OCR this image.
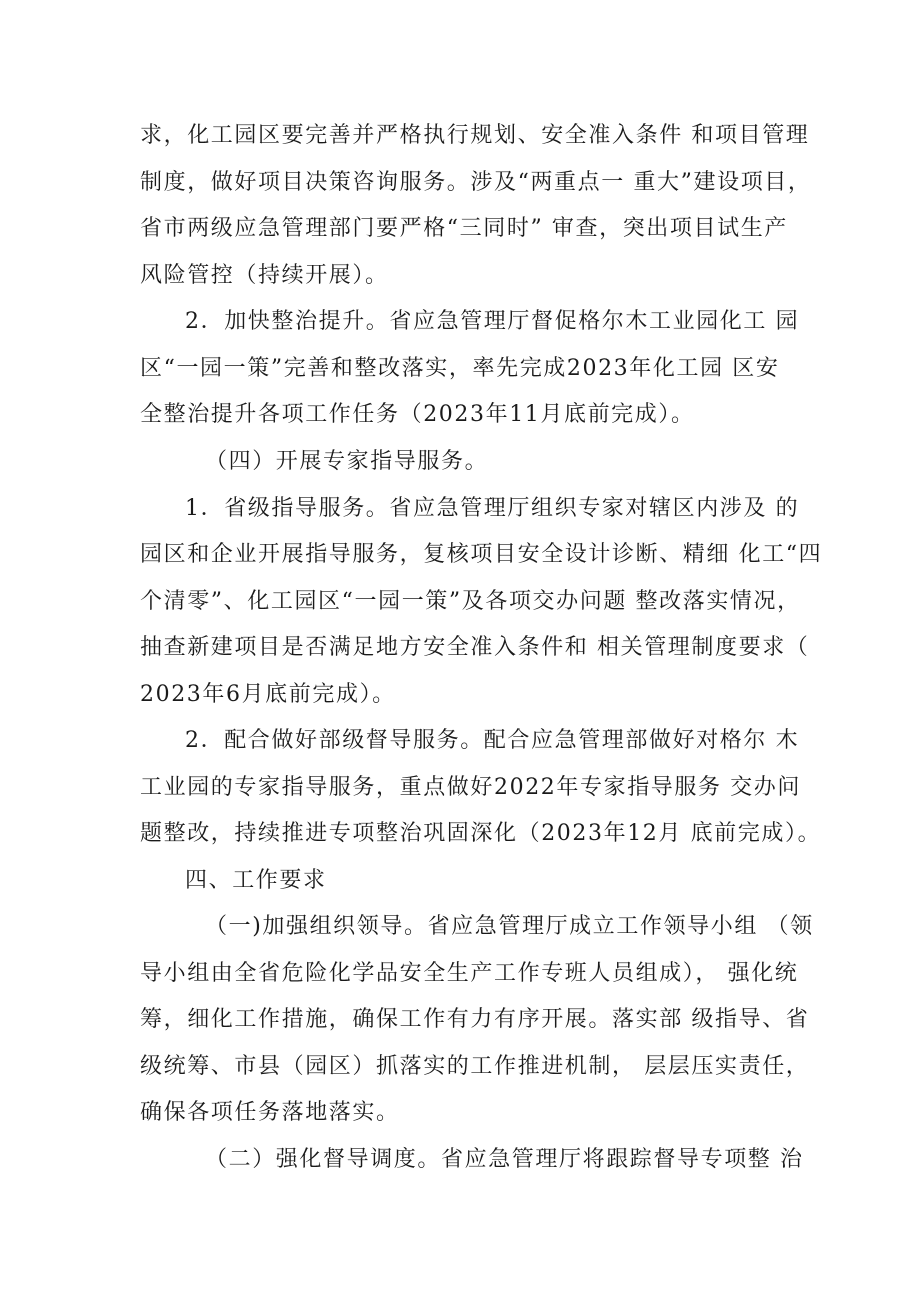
求，化工园区要完善并严格执行规划、安全准入条件 和项目管理
制度，做好项目决策咨询服务。涉及“两重点一 重大”建设项目，
省市两级应急管理部门要严格“三同时” 审查，突出项目试生产
风险管控（持续开展）。
2．加快整治提升。省应急管理厅督促格尔木工业园化工 园
区“一园一策”完善和整改落实，率先完成2023年化工园 区安
全整治提升各项工作任务（2023年11月底前完成）。
（四）开展专家指导服务。
1．省级指导服务。省应急管理厅组织专家对辖区内涉及 的
园区和企业开展指导服务，复核项目安全设计诊断、精细 化工“四
个清零”、化工园区“一园一策”及各项交办问题 整改落实情况，
抽查新建项目是否满足地方安全准入条件和 相关管理制度要求（
2023年6月底前完成）。
2．配合做好部级督导服务。配合应急管理部做好对格尔 木
工业园的专家指导服务，重点做好2022年专家指导服务 交办问
题整改，持续推进专项整治巩固深化（2023年12月 底前完成）。
四、工作要求
（一)加强组织领导。省应急管理厅成立工作领导小组 （领
导小组由全省危险化学品安全生产工作专班人员组成）， 强化统
筹，细化工作措施，确保工作有力有序开展。落实部 级指导、省
级统筹、市县（园区）抓落实的工作推进机制， 层层压实责任，
确保各项任务落地落实。
（二）强化督导调度。省应急管理厅将跟踪督导专项整 治
